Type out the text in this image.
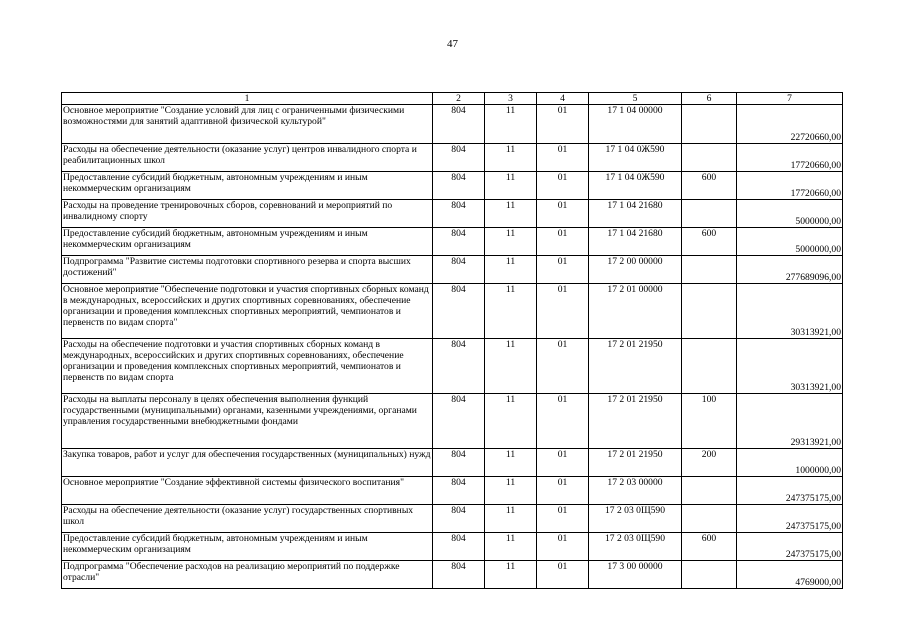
47
1	2	3	4	5	6	7
Основное мероприятие "Создание условий для лиц с ограниченными физическими возможностями для занятий адаптивной физической культурой"	804	11	01	17 1 04 00000		22720660,00
Расходы на обеспечение деятельности (оказание услуг) центров инвалидного спорта и реабилитационных школ	804	11	01	17 1 04 0Ж590		17720660,00
Предоставление субсидий бюджетным, автономным учреждениям и иным некоммерческим организациям	804	11	01	17 1 04 0Ж590	600	17720660,00
Расходы на проведение тренировочных сборов, соревнований и мероприятий по инвалидному спорту	804	11	01	17 1 04 21680		5000000,00
Предоставление субсидий бюджетным, автономным учреждениям и иным некоммерческим организациям	804	11	01	17 1 04 21680	600	5000000,00
Подпрограмма "Развитие системы подготовки спортивного резерва и спорта высших достижений"	804	11	01	17 2 00 00000		277689096,00
Основное мероприятие "Обеспечение подготовки и участия спортивных сборных команд в международных, всероссийских и других спортивных соревнованиях, обеспечение организации и проведения комплексных спортивных мероприятий, чемпионатов и первенств по видам спорта"	804	11	01	17 2 01 00000		30313921,00
Расходы на обеспечение подготовки и участия спортивных сборных команд в международных, всероссийских и других спортивных соревнованиях, обеспечение организации и проведения комплексных спортивных мероприятий, чемпионатов и первенств по видам спорта	804	11	01	17 2 01 21950		30313921,00
Расходы на выплаты персоналу в целях обеспечения выполнения функций государственными (муниципальными) органами, казенными учреждениями, органами управления государственными внебюджетными фондами	804	11	01	17 2 01 21950	100	29313921,00
Закупка товаров, работ и услуг для обеспечения государственных (муниципальных) нужд	804	11	01	17 2 01 21950	200	1000000,00
Основное мероприятие "Создание эффективной системы физического воспитания"	804	11	01	17 2 03 00000		247375175,00
Расходы на обеспечение деятельности (оказание услуг) государственных спортивных школ	804	11	01	17 2 03 0Щ590		247375175,00
Предоставление субсидий бюджетным, автономным учреждениям и иным некоммерческим организациям	804	11	01	17 2 03 0Щ590	600	247375175,00
Подпрограмма "Обеспечение расходов на реализацию мероприятий по поддержке отрасли"	804	11	01	17 3 00 00000		4769000,00
